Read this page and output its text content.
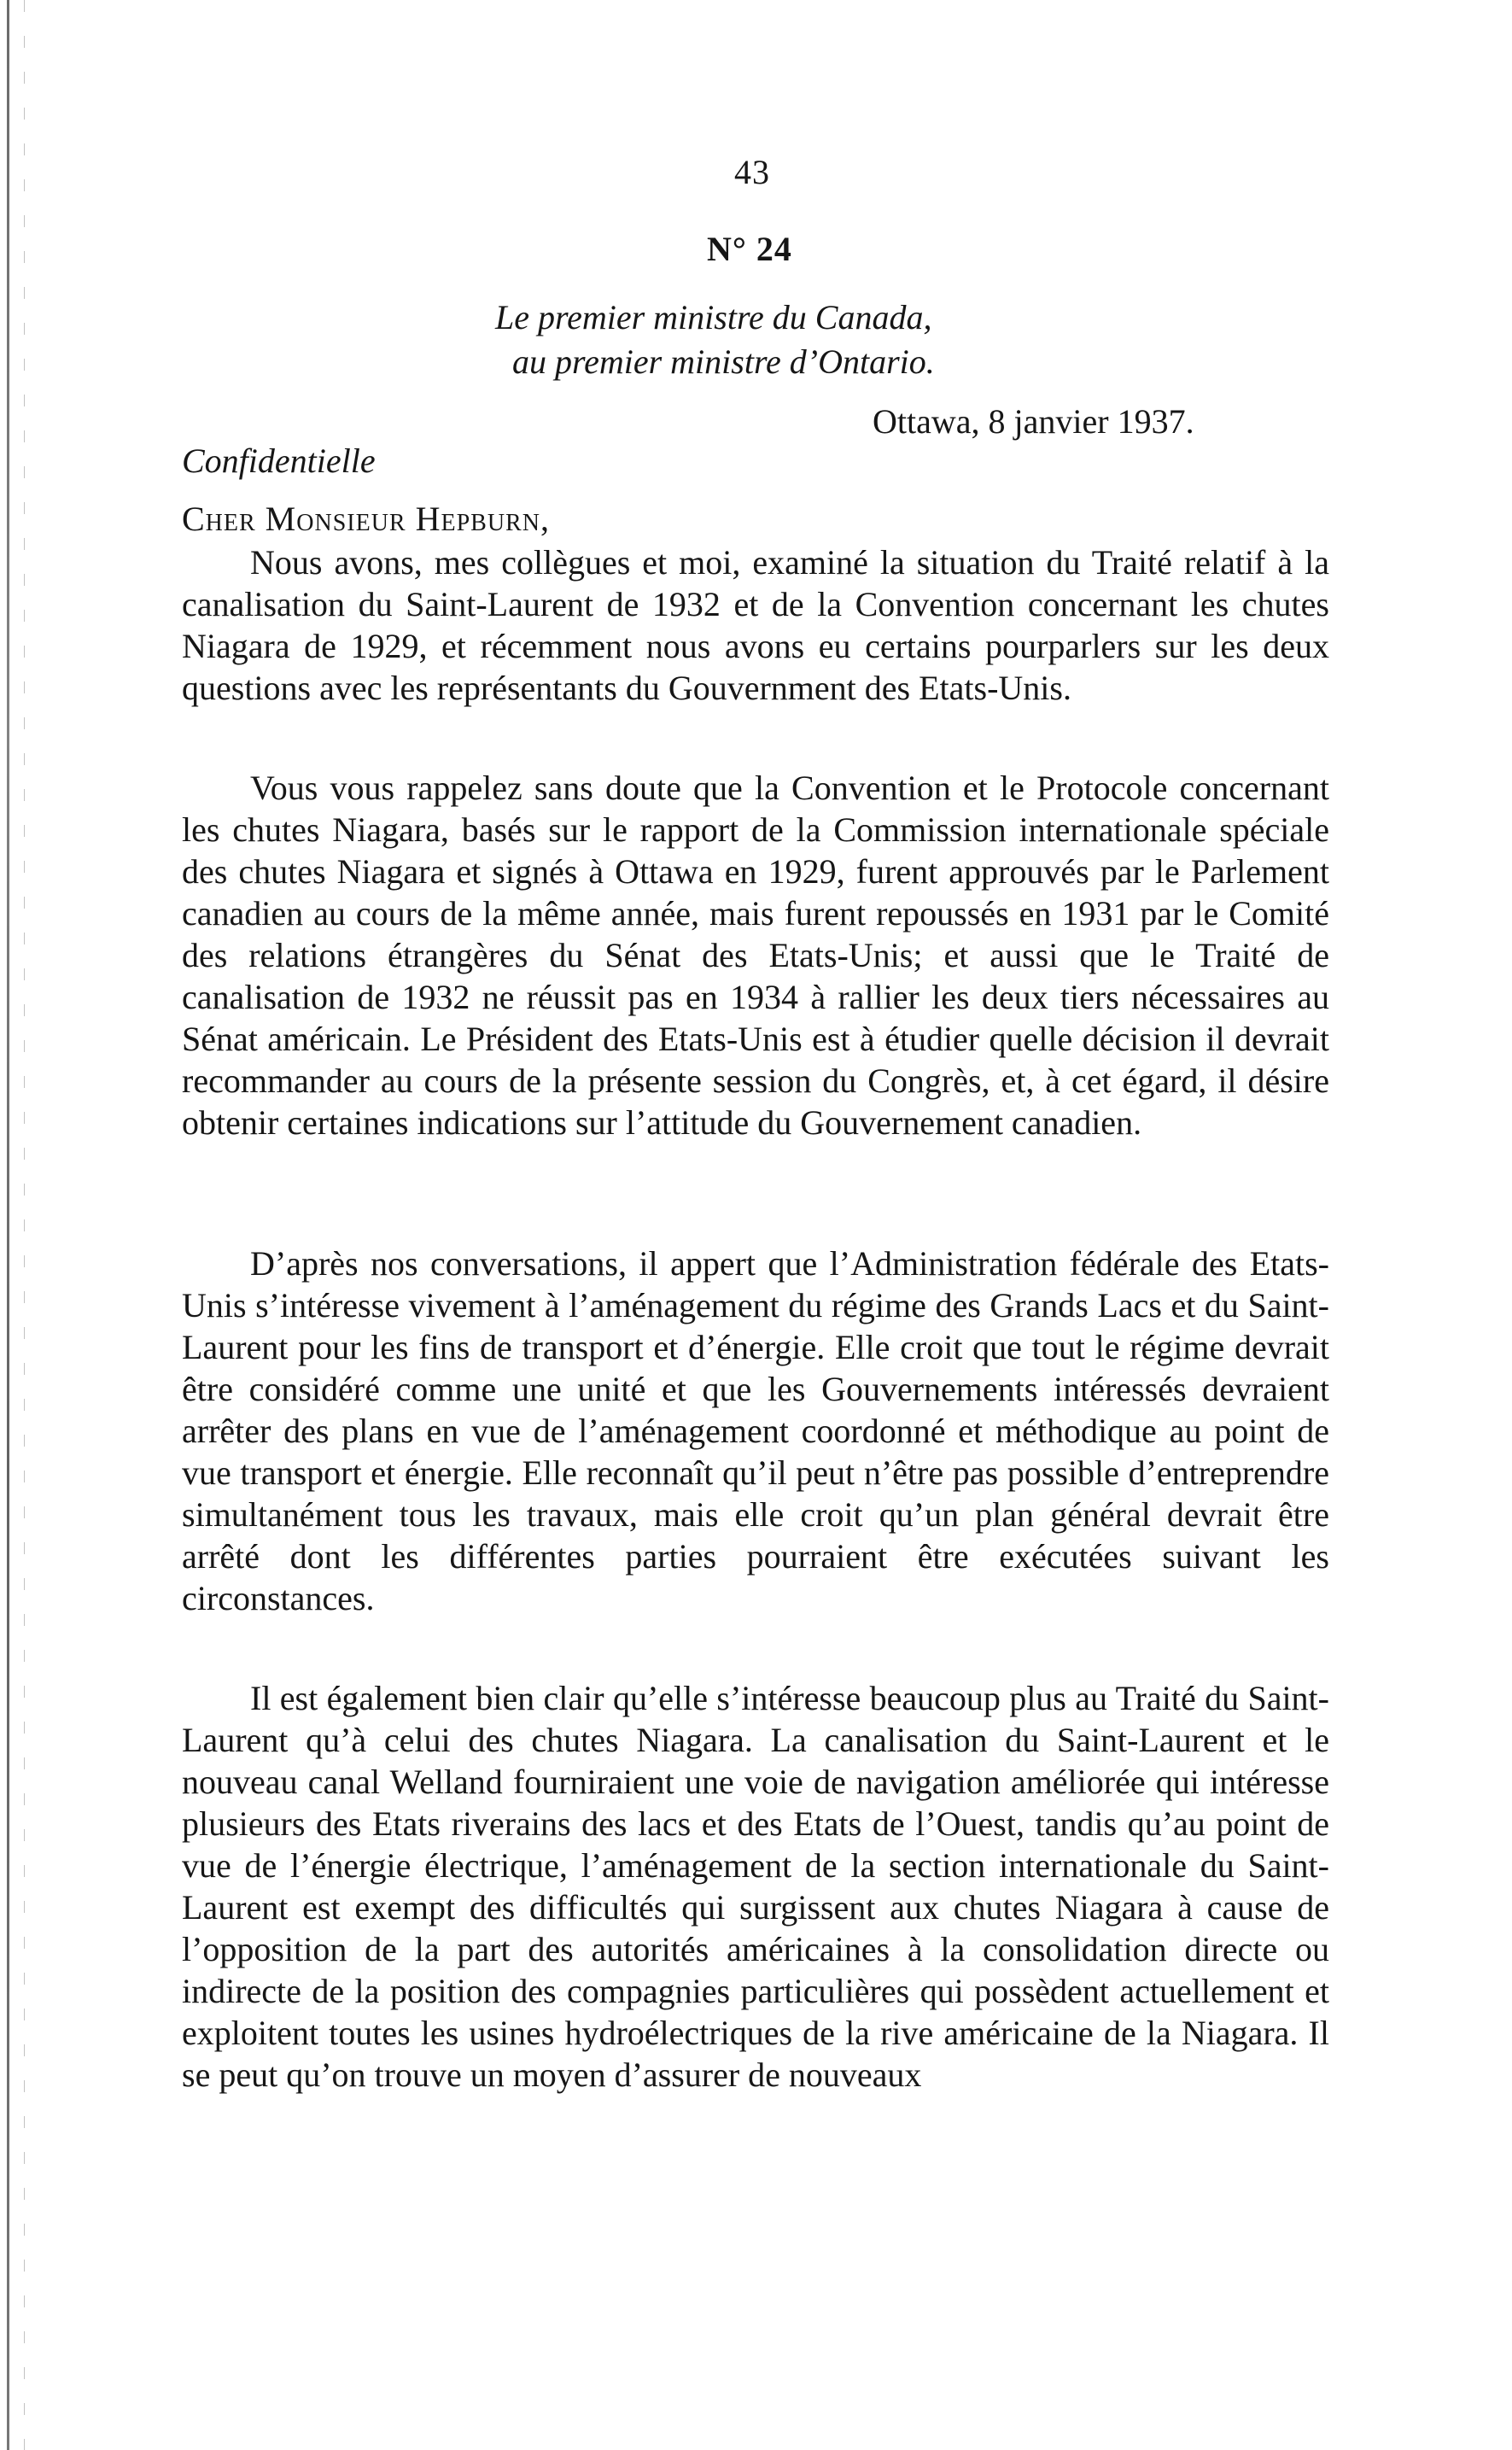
43
N° 24
Le premier ministre du Canada,
au premier ministre d’Ontario.
Ottawa, 8 janvier 1937.
Confidentielle
Cher Monsieur Hepburn,

Nous avons, mes collègues et moi, examiné la situation du Traité relatif à la canalisation du Saint-Laurent de 1932 et de la Convention concernant les chutes Niagara de 1929, et récemment nous avons eu certains pourparlers sur les deux questions avec les représentants du Gouvernment des Etats-Unis.

Vous vous rappelez sans doute que la Convention et le Protocole concernant les chutes Niagara, basés sur le rapport de la Commission internationale spéciale des chutes Niagara et signés à Ottawa en 1929, furent approuvés par le Parlement canadien au cours de la même année, mais furent repoussés en 1931 par le Comité des relations étrangères du Sénat des Etats-Unis; et aussi que le Traité de canalisation de 1932 ne réussit pas en 1934 à rallier les deux tiers nécessaires au Sénat américain. Le Président des Etats-Unis est à étudier quelle décision il devrait recommander au cours de la présente session du Congrès, et, à cet égard, il désire obtenir certaines indications sur l’attitude du Gouvernement canadien.

D’après nos conversations, il appert que l’Administration fédérale des Etats-Unis s’intéresse vivement à l’aménagement du régime des Grands Lacs et du Saint-Laurent pour les fins de transport et d’énergie. Elle croit que tout le régime devrait être considéré comme une unité et que les Gouvernements intéressés devraient arrêter des plans en vue de l’aménagement coordonné et méthodique au point de vue transport et énergie. Elle reconnaît qu’il peut n’être pas possible d’entreprendre simultanément tous les travaux, mais elle croit qu’un plan général devrait être arrêté dont les différentes parties pourraient être exécutées suivant les circonstances.

Il est également bien clair qu’elle s’intéresse beaucoup plus au Traité du Saint-Laurent qu’à celui des chutes Niagara. La canalisation du Saint-Laurent et le nouveau canal Welland fourniraient une voie de navigation améliorée qui intéresse plusieurs des Etats riverains des lacs et des Etats de l’Ouest, tandis qu’au point de vue de l’énergie électrique, l’aménagement de la section internationale du Saint-Laurent est exempt des difficultés qui surgissent aux chutes Niagara à cause de l’opposition de la part des autorités américaines à la consolidation directe ou indirecte de la position des compagnies particulières qui possèdent actuellement et exploitent toutes les usines hydroélectriques de la rive américaine de la Niagara. Il se peut qu’on trouve un moyen d’assurer de nouveaux
